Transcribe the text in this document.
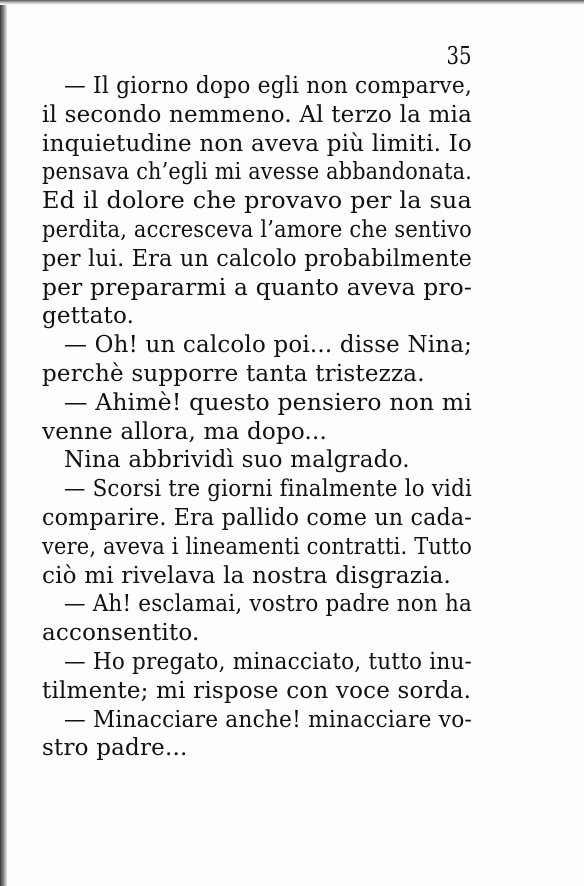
35
— Il giorno dopo egli non comparve,
il secondo nemmeno. Al terzo la mia
inquietudine non aveva più limiti. Io
pensava ch’egli mi avesse abbandonata.
Ed il dolore che provavo per la sua
perdita, accresceva l’amore che sentivo
per lui. Era un calcolo probabilmente
per prepararmi a quanto aveva pro-
gettato.
— Oh! un calcolo poi... disse Nina;
perchè supporre tanta tristezza.
— Ahimè! questo pensiero non mi
venne allora, ma dopo...
Nina abbrividì suo malgrado.
— Scorsi tre giorni finalmente lo vidi
comparire. Era pallido come un cada-
vere, aveva i lineamenti contratti. Tutto
ciò mi rivelava la nostra disgrazia.
— Ah! esclamai, vostro padre non ha
acconsentito.
— Ho pregato, minacciato, tutto inu-
tilmente; mi rispose con voce sorda.
— Minacciare anche! minacciare vo-
stro padre...
